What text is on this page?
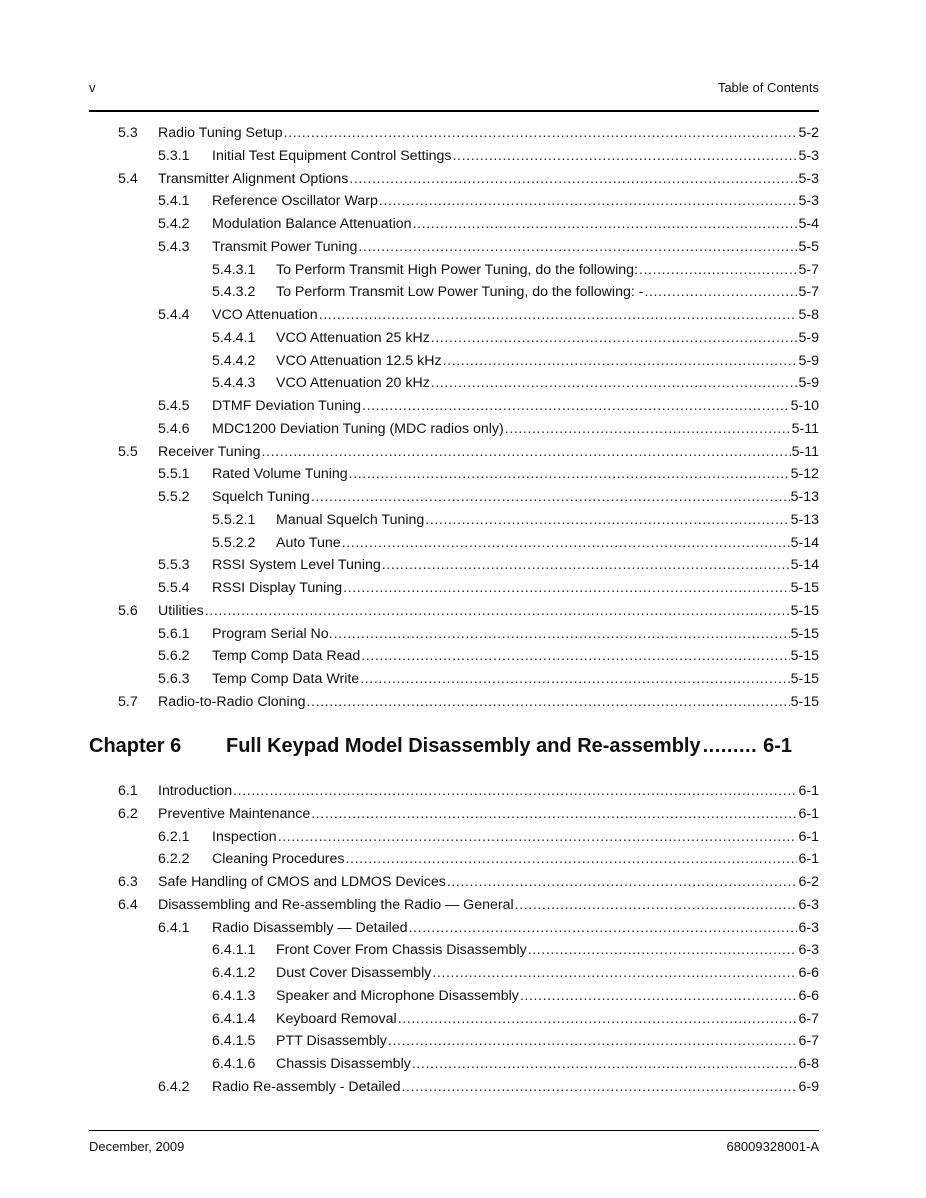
v	Table of Contents
5.3 Radio Tuning Setup .....	5-2
5.3.1 Initial Test Equipment Control Settings .....	5-3
5.4 Transmitter Alignment Options .....	5-3
5.4.1 Reference Oscillator Warp .....	5-3
5.4.2 Modulation Balance Attenuation .....	5-4
5.4.3 Transmit Power Tuning .....	5-5
5.4.3.1 To Perform Transmit High Power Tuning, do the following: .....	5-7
5.4.3.2 To Perform Transmit Low Power Tuning, do the following: - .....	5-7
5.4.4 VCO Attenuation .....	5-8
5.4.4.1 VCO Attenuation 25 kHz .....	5-9
5.4.4.2 VCO Attenuation 12.5 kHz .....	5-9
5.4.4.3 VCO Attenuation 20 kHz .....	5-9
5.4.5 DTMF Deviation Tuning .....	5-10
5.4.6 MDC1200 Deviation Tuning (MDC radios only) .....	5-11
5.5 Receiver Tuning .....	5-11
5.5.1 Rated Volume Tuning .....	5-12
5.5.2 Squelch Tuning .....	5-13
5.5.2.1 Manual Squelch Tuning .....	5-13
5.5.2.2 Auto Tune .....	5-14
5.5.3 RSSI System Level Tuning .....	5-14
5.5.4 RSSI Display Tuning .....	5-15
5.6 Utilities .....	5-15
5.6.1 Program Serial No. .....	5-15
5.6.2 Temp Comp Data Read .....	5-15
5.6.3 Temp Comp Data Write .....	5-15
5.7 Radio-to-Radio Cloning .....	5-15
Chapter 6	Full Keypad Model Disassembly and Re-assembly ......... 6-1
6.1 Introduction .....	6-1
6.2 Preventive Maintenance .....	6-1
6.2.1 Inspection .....	6-1
6.2.2 Cleaning Procedures .....	6-1
6.3 Safe Handling of CMOS and LDMOS Devices .....	6-2
6.4 Disassembling and Re-assembling the Radio — General .....	6-3
6.4.1 Radio Disassembly — Detailed .....	6-3
6.4.1.1 Front Cover From Chassis Disassembly .....	6-3
6.4.1.2 Dust Cover Disassembly .....	6-6
6.4.1.3 Speaker and Microphone Disassembly .....	6-6
6.4.1.4 Keyboard Removal .....	6-7
6.4.1.5 PTT Disassembly .....	6-7
6.4.1.6 Chassis Disassembly .....	6-8
6.4.2 Radio Re-assembly - Detailed .....	6-9
December, 2009	68009328001-A
